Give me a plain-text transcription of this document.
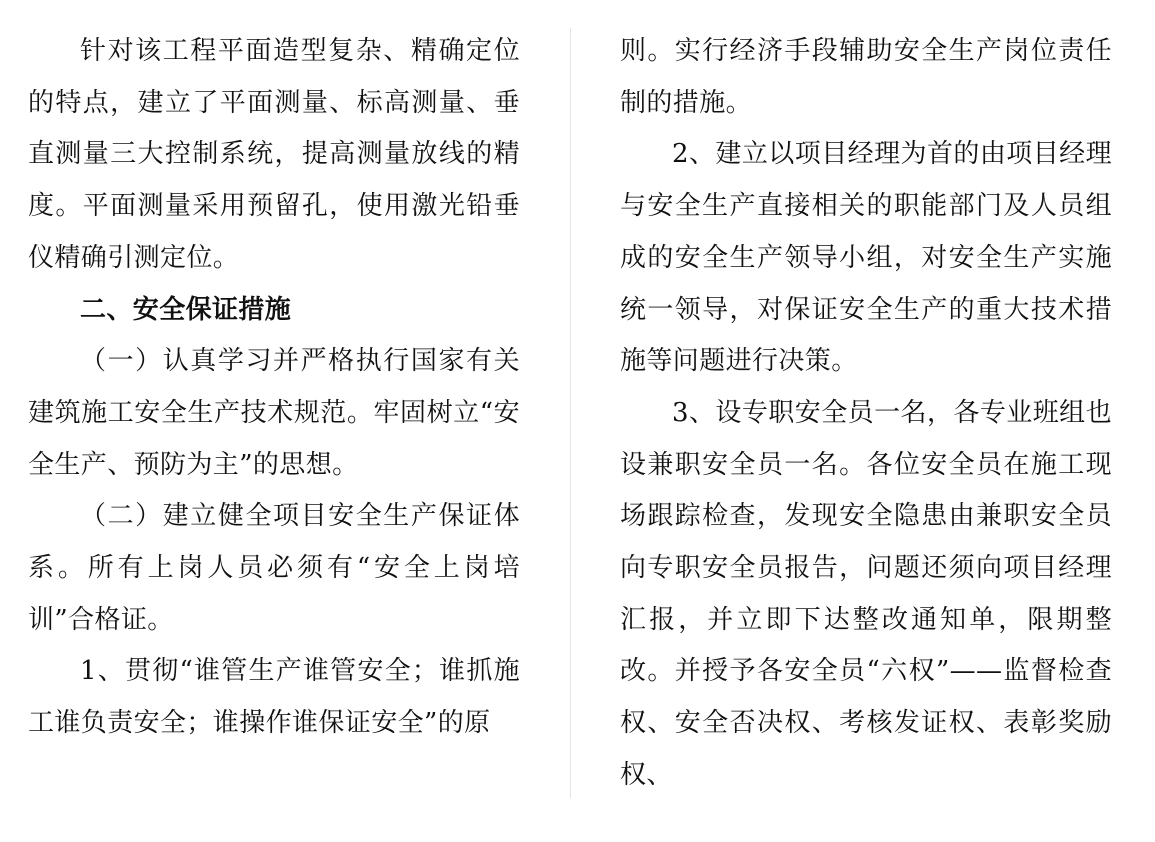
针对该工程平面造型复杂、精确定位的特点，建立了平面测量、标高测量、垂直测量三大控制系统，提高测量放线的精度。平面测量采用预留孔，使用激光铅垂仪精确引测定位。

二、安全保证措施

（一）认真学习并严格执行国家有关建筑施工安全生产技术规范。牢固树立“安全生产、预防为主”的思想。

（二）建立健全项目安全生产保证体系。所有上岗人员必须有“安全上岗培训”合格证。

1、贯彻“谁管生产谁管安全；谁抓施工谁负责安全；谁操作谁保证安全”的原

则。实行经济手段辅助安全生产岗位责任制的措施。

2、建立以项目经理为首的由项目经理与安全生产直接相关的职能部门及人员组成的安全生产领导小组，对安全生产实施统一领导，对保证安全生产的重大技术措施等问题进行决策。

3、设专职安全员一名，各专业班组也设兼职安全员一名。各位安全员在施工现场跟踪检查，发现安全隐患由兼职安全员向专职安全员报告，问题还须向项目经理汇报，并立即下达整改通知单，限期整改。并授予各安全员“六权”——监督检查权、安全否决权、考核发证权、表彰奖励权、
